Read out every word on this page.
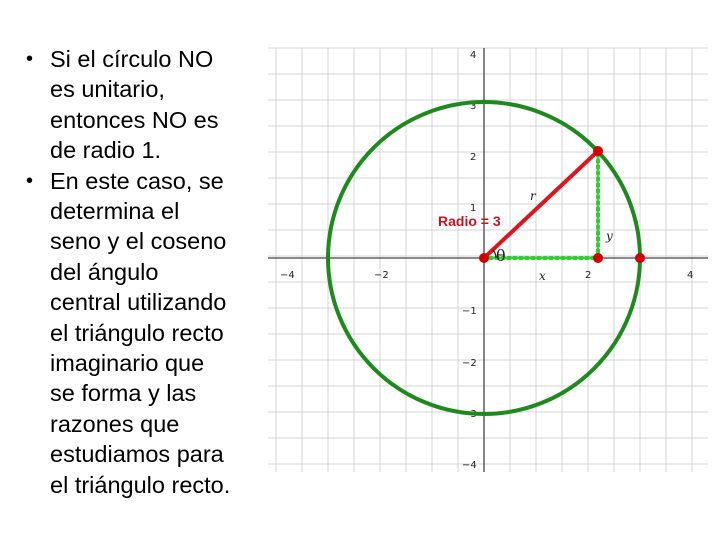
• Si el círculo NO
es unitario,
entonces NO es
de radio 1.
• En este caso, se
determina el
seno y el coseno
del ángulo
central utilizando
el triángulo recto
imaginario que
se forma y las
razones que
estudiamos para
el triángulo recto.
−4	−2	2	4
4
3
2
1
−1
−2
−3
−4
Radio = 3
r
x
y
θ
